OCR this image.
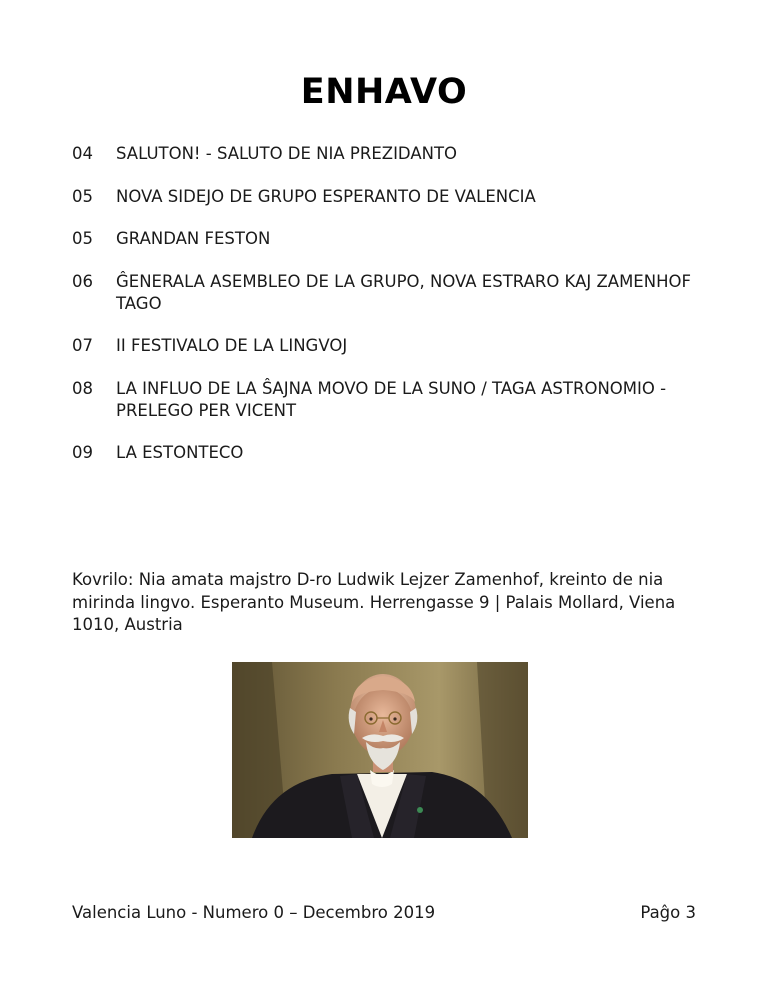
ENHAVO
04	SALUTON! - SALUTO DE NIA PREZIDANTO
05	NOVA SIDEJO DE GRUPO ESPERANTO DE VALENCIA
05	GRANDAN FESTON
06	ĜENERALA ASEMBLEO DE LA GRUPO, NOVA ESTRARO KAJ ZAMENHOF TAGO
07	II FESTIVALO DE LA LINGVOJ
08	LA INFLUO DE LA ŜAJNA MOVO DE LA SUNO / TAGA ASTRONOMIO - PRELEGO PER VICENT
09	LA ESTONTECO
Kovrilo: Nia amata majstro D-ro Ludwik Lejzer Zamenhof, kreinto de nia mirinda lingvo. Esperanto Museum. Herrengasse 9 | Palais Mollard, Viena 1010, Austria
Valencia Luno - Numero 0 – Decembro 2019	Paĝo 3
